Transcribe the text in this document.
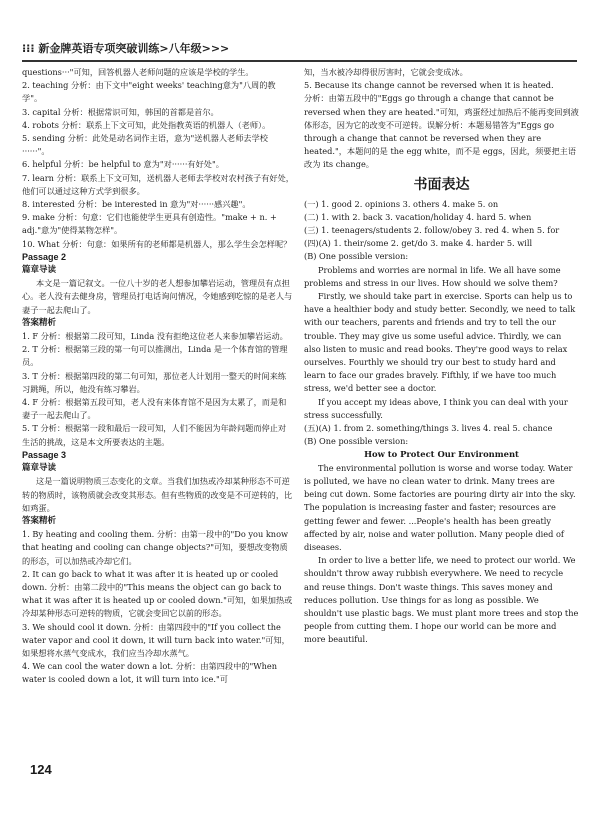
⁝⁝⁝ 新金牌英语专项突破训练>八年级>>>
questions···"可知，回答机器人老师问题的应该是学校的学生。
2. teaching 分析：由下文中"eight weeks' teaching意为"八周的教学"。
3. capital 分析：根据常识可知，韩国的首都是首尔。
4. robots 分析：联系上下文可知，此处指教英语的机器人（老师）。
5. sending 分析：此处是动名词作主语，意为"送机器人老师去学校······"。
6. helpful 分析：be helpful to 意为"对······有好处"。
7. learn 分析：联系上下文可知，送机器人老师去学校对农村孩子有好处，他们可以通过这种方式学到很多。
8. interested 分析：be interested in 意为"对······感兴趣"。
9. make 分析：句意：它们也能使学生更具有创造性。"make + n. + adj."意为"使得某物怎样"。
10. What 分析：句意：如果所有的老师都是机器人，那么学生会怎样呢？
Passage 2
篇章导读
本文是一篇记叙文。一位八十岁的老人想参加攀岩运动，管理员有点担心。老人没有去健身房，管理员打电话询问情况，令她感到吃惊的是老人与妻子一起去爬山了。
答案精析
1. F 分析：根据第二段可知，Linda 没有拒绝这位老人来参加攀岩运动。
2. T 分析：根据第三段的第一句可以推测出，Linda 是一个体育馆的管理员。
3. T 分析：根据第四段的第二句可知，那位老人计划用一整天的时间来练习跳绳，所以，他没有练习攀岩。
4. F 分析：根据第五段可知，老人没有来体育馆不是因为太累了，而是和妻子一起去爬山了。
5. T 分析：根据第一段和最后一段可知，人们不能因为年龄问题而停止对生活的挑战，这是本文所要表达的主题。
Passage 3
篇章导读
这是一篇说明物质三态变化的文章。当我们加热或冷却某种形态不可逆转的物质时，该物质就会改变其形态。但有些物质的改变是不可逆转的，比如鸡蛋。
答案精析
1. By heating and cooling them. 分析：由第一段中的"Do you know that heating and cooling can change objects?"可知，要想改变物质的形态，可以加热或冷却它们。
2. It can go back to what it was after it is heated up or cooled down. 分析：由第二段中的"This means the object can go back to what it was after it is heated up or cooled down."可知，如果加热或冷却某种形态可逆转的物质，它就会变回它以前的形态。
3. We should cool it down. 分析：由第四段中的"If you collect the water vapor and cool it down, it will turn back into water."可知，如果想将水蒸气变成水，我们应当冷却水蒸气。
4. We can cool the water down a lot. 分析：由第四段中的"When water is cooled down a lot, it will turn into ice."可
知，当水被冷却得很厉害时，它就会变成冰。
5. Because its change cannot be reversed when it is heated.
分析：由第五段中的"Eggs go through a change that cannot be reversed when they are heated."可知，鸡蛋经过加热后不能再变回到液体形态，因为它的改变不可逆转。误解分析：本题易错答为"Eggs go through a change that cannot be reversed when they are heated."，本题问的是 the egg white，而不是 eggs，因此，须要把主语改为 its change。
书面表达
(一) 1. good 2. opinions 3. others 4. make 5. on
(二) 1. with 2. back 3. vacation/holiday 4. hard 5. when
(三) 1. teenagers/students 2. follow/obey 3. red 4. when 5. for
(四)(A) 1. their/some 2. get/do 3. make 4. harder 5. will
(B) One possible version:
Problems and worries are normal in life. We all have some problems and stress in our lives. How should we solve them?
Firstly, we should take part in exercise. Sports can help us to have a healthier body and study better. Secondly, we need to talk with our teachers, parents and friends and try to tell the our trouble. They may give us some useful advice. Thirdly, we can also listen to music and read books. They're good ways to relax ourselves. Fourthly we should try our best to study hard and learn to face our grades bravely. Fifthly, if we have too much stress, we'd better see a doctor.
If you accept my ideas above, I think you can deal with your stress successfully.
(五)(A) 1. from 2. something/things 3. lives 4. real 5. chance
(B) One possible version:
How to Protect Our Environment
The environmental pollution is worse and worse today. Water is polluted, we have no clean water to drink. Many trees are being cut down. Some factories are pouring dirty air into the sky. The population is increasing faster and faster; resources are getting fewer and fewer. ...People's health has been greatly affected by air, noise and water pollution. Many people died of diseases.
In order to live a better life, we need to protect our world. We shouldn't throw away rubbish everywhere. We need to recycle and reuse things. Don't waste things. This saves money and reduces pollution. Use things for as long as possible. We shouldn't use plastic bags. We must plant more trees and stop the people from cutting them. I hope our world can be more and more beautiful.
124
